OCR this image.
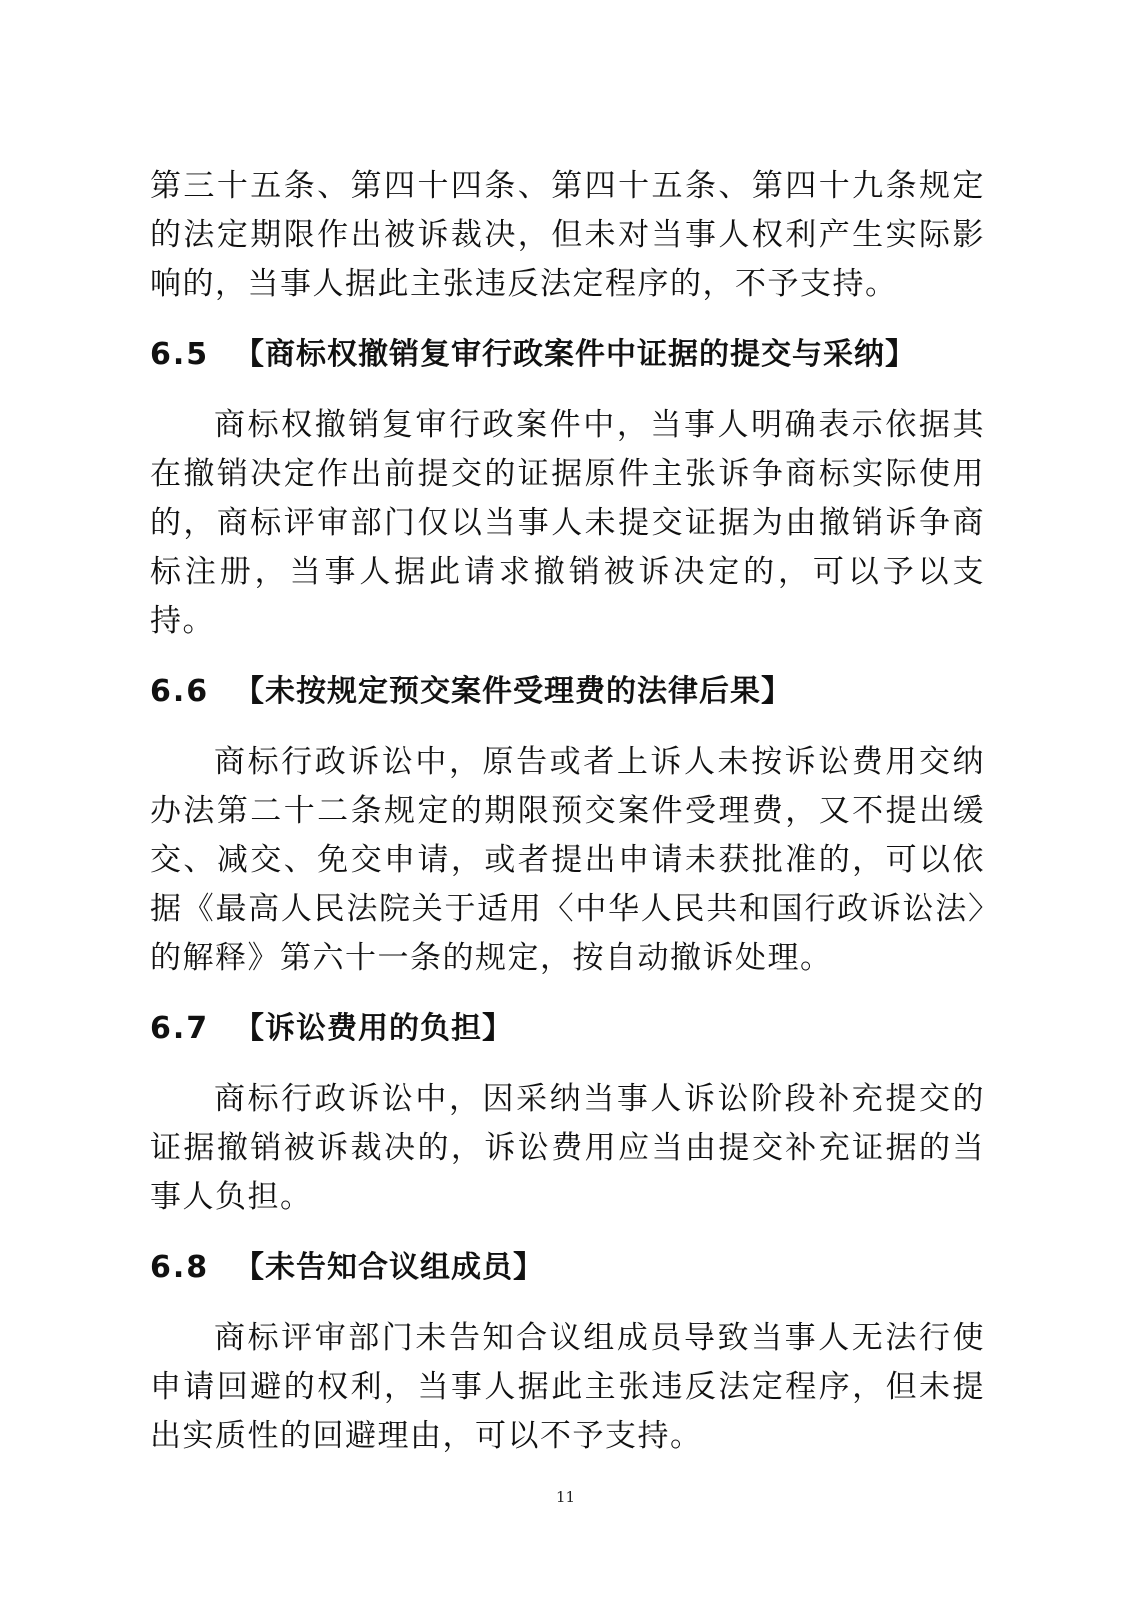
第三十五条、第四十四条、第四十五条、第四十九条规定的法定期限作出被诉裁决，但未对当事人权利产生实际影响的，当事人据此主张违反法定程序的，不予支持。

6.5 【商标权撤销复审行政案件中证据的提交与采纳】

商标权撤销复审行政案件中，当事人明确表示依据其在撤销决定作出前提交的证据原件主张诉争商标实际使用的，商标评审部门仅以当事人未提交证据为由撤销诉争商标注册，当事人据此请求撤销被诉决定的，可以予以支持。

6.6 【未按规定预交案件受理费的法律后果】

商标行政诉讼中，原告或者上诉人未按诉讼费用交纳办法第二十二条规定的期限预交案件受理费，又不提出缓交、减交、免交申请，或者提出申请未获批准的，可以依据《最高人民法院关于适用〈中华人民共和国行政诉讼法〉的解释》第六十一条的规定，按自动撤诉处理。

6.7 【诉讼费用的负担】

商标行政诉讼中，因采纳当事人诉讼阶段补充提交的证据撤销被诉裁决的，诉讼费用应当由提交补充证据的当事人负担。

6.8 【未告知合议组成员】

商标评审部门未告知合议组成员导致当事人无法行使申请回避的权利，当事人据此主张违反法定程序，但未提出实质性的回避理由，可以不予支持。

11
